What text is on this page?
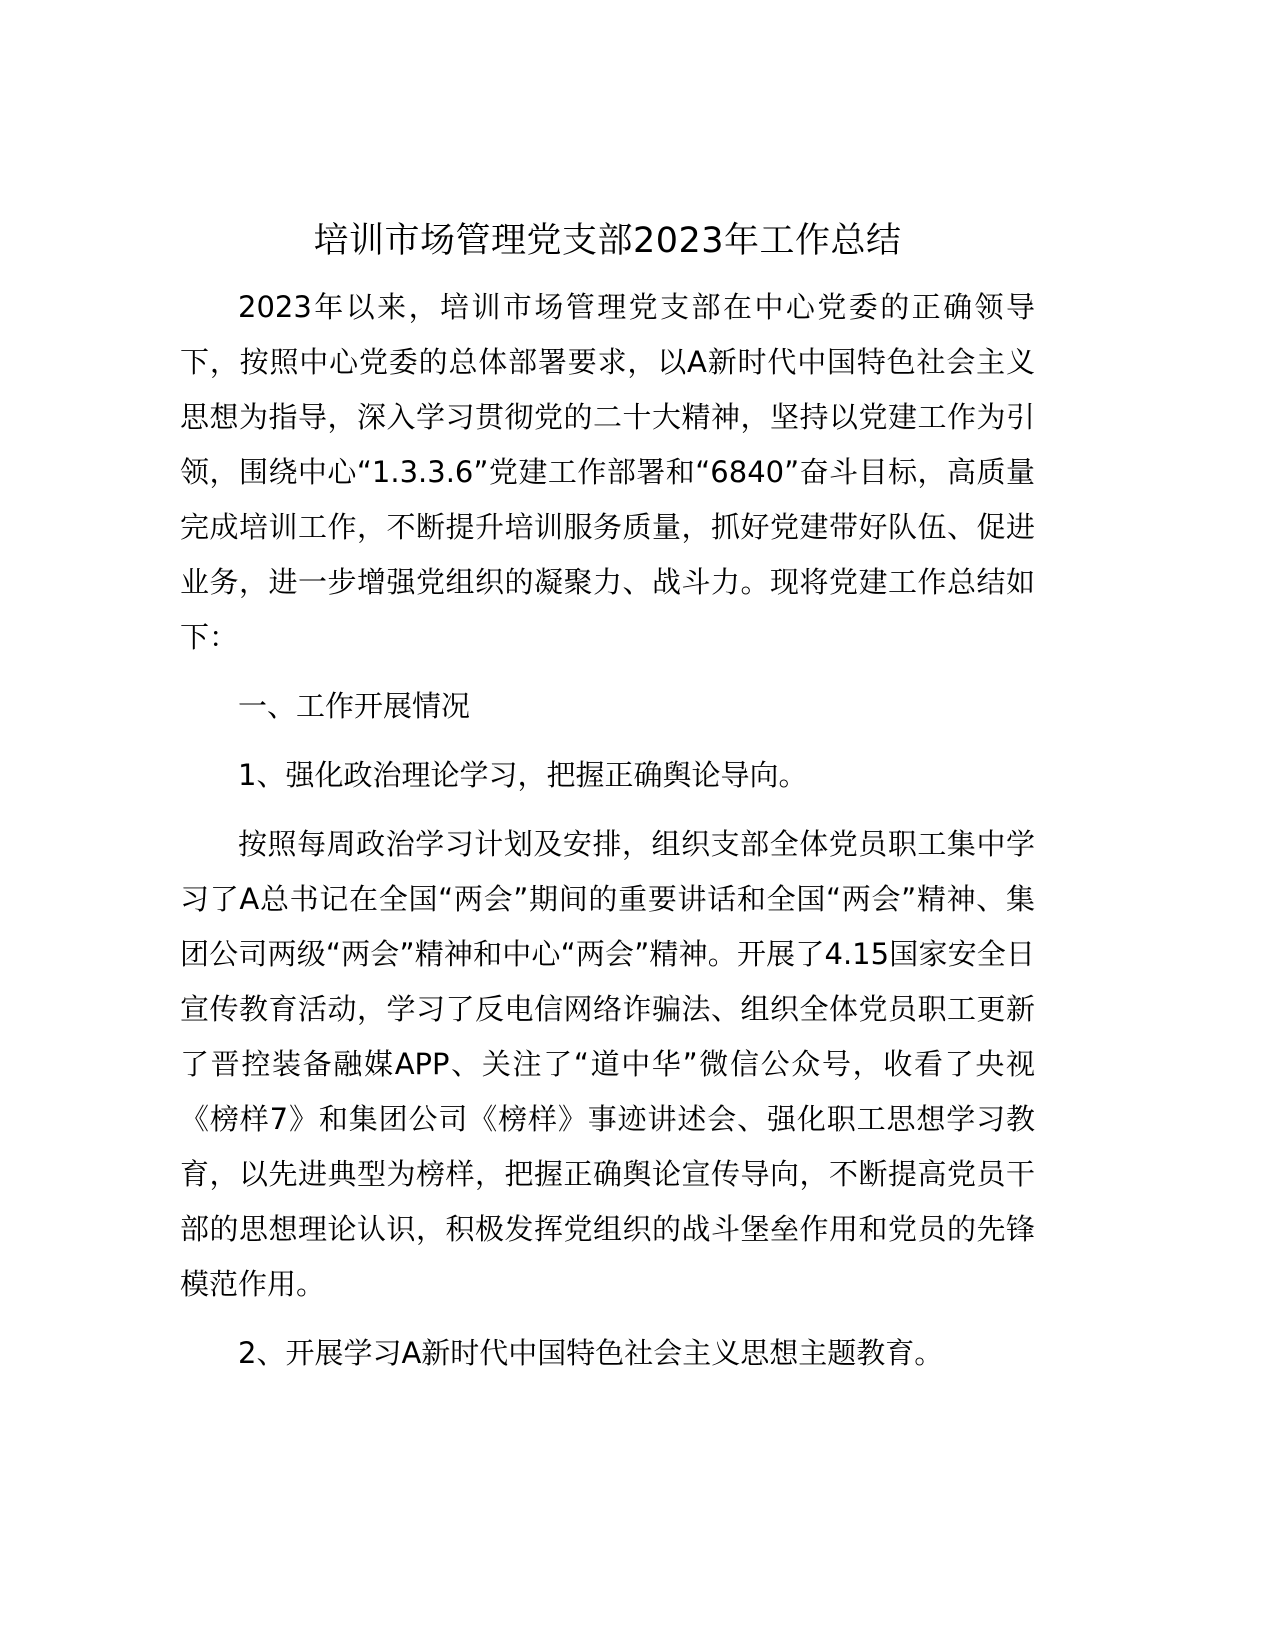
培训市场管理党支部2023年工作总结

2023年以来，培训市场管理党支部在中心党委的正确领导下，按照中心党委的总体部署要求，以A新时代中国特色社会主义思想为指导，深入学习贯彻党的二十大精神，坚持以党建工作为引领，围绕中心“1.3.3.6”党建工作部署和“6840”奋斗目标，高质量完成培训工作，不断提升培训服务质量，抓好党建带好队伍、促进业务，进一步增强党组织的凝聚力、战斗力。现将党建工作总结如下：

一、工作开展情况

1、强化政治理论学习，把握正确舆论导向。

按照每周政治学习计划及安排，组织支部全体党员职工集中学习了A总书记在全国“两会”期间的重要讲话和全国“两会”精神、集团公司两级“两会”精神和中心“两会”精神。开展了4.15国家安全日宣传教育活动，学习了反电信网络诈骗法、组织全体党员职工更新了晋控装备融媒APP、关注了“道中华”微信公众号，收看了央视《榜样7》和集团公司《榜样》事迹讲述会、强化职工思想学习教育，以先进典型为榜样，把握正确舆论宣传导向，不断提高党员干部的思想理论认识，积极发挥党组织的战斗堡垒作用和党员的先锋模范作用。

2、开展学习A新时代中国特色社会主义思想主题教育。
